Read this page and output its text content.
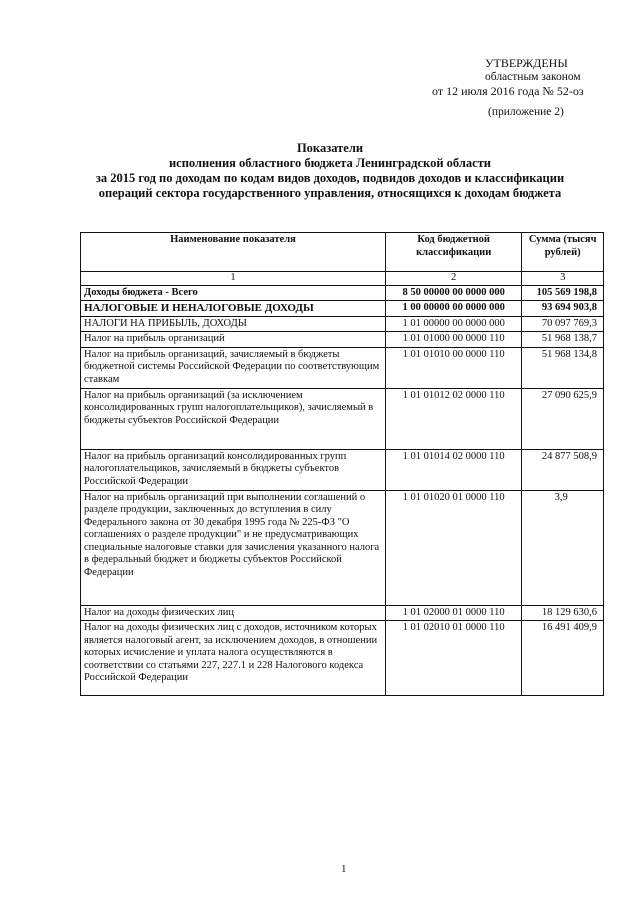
УТВЕРЖДЕНЫ
областным законом
от 12 июля 2016 года № 52-оз
(приложение 2)
Показатели
исполнения областного бюджета Ленинградской области
за 2015 год по доходам по кодам видов доходов, подвидов доходов и классификации
операций сектора государственного управления, относящихся к доходам бюджета
Наименование показателя	Код бюджетной классификации	Сумма (тысяч рублей)
1	2	3
Доходы бюджета - Всего	8 50 00000 00 0000 000	105 569 198,8
НАЛОГОВЫЕ И НЕНАЛОГОВЫЕ ДОХОДЫ	1 00 00000 00 0000 000	93 694 903,8
НАЛОГИ НА ПРИБЫЛЬ, ДОХОДЫ	1 01 00000 00 0000 000	70 097 769,3
Налог на прибыль организаций	1 01 01000 00 0000 110	51 968 138,7
Налог на прибыль организаций, зачисляемый в бюджеты бюджетной системы Российской Федерации по соответствующим ставкам	1 01 01010 00 0000 110	51 968 134,8
Налог на прибыль организаций (за исключением консолидированных групп налогоплательщиков), зачисляемый в бюджеты субъектов Российской Федерации	1 01 01012 02 0000 110	27 090 625,9
Налог на прибыль организаций консолидированных групп налогоплательщиков, зачисляемый в бюджеты субъектов Российской Федерации	1 01 01014 02 0000 110	24 877 508,9
Налог на прибыль организаций при выполнении соглашений о разделе продукции, заключенных до вступления в силу Федерального закона от 30 декабря 1995 года № 225-ФЗ "О соглашениях о разделе продукции" и не предусматривающих специальные налоговые ставки для зачисления указанного налога в федеральный бюджет и бюджеты субъектов Российской Федерации	1 01 01020 01 0000 110	3,9
Налог на доходы физических лиц	1 01 02000 01 0000 110	18 129 630,6
Налог на доходы физических лиц с доходов, источником которых является налоговый агент, за исключением доходов, в отношении которых исчисление и уплата налога осуществляются в соответствии со статьями 227, 227.1 и 228 Налогового кодекса Российской Федерации	1 01 02010 01 0000 110	16 491 409,9
1
